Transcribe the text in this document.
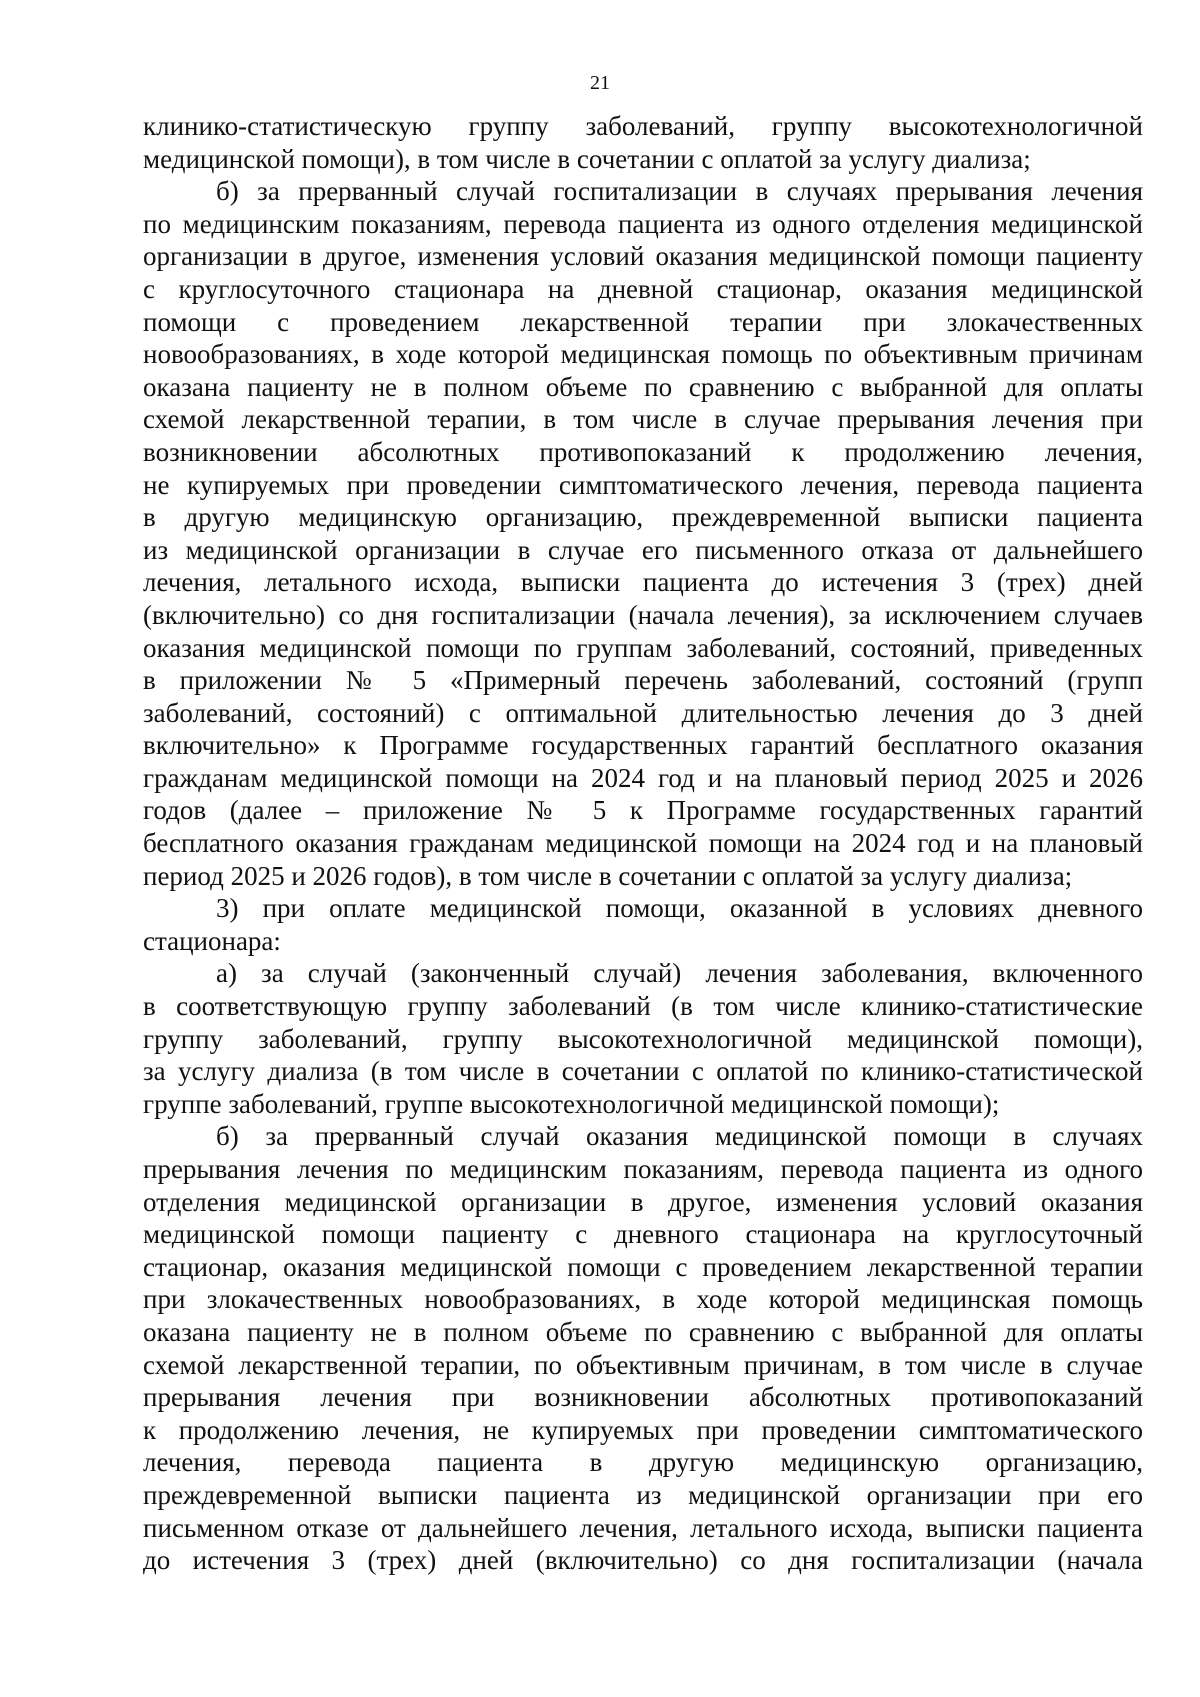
21
клинико-статистическую группу заболеваний, группу высокотехнологичной
медицинской помощи), в том числе в сочетании с оплатой за услугу диализа;
б) за прерванный случай госпитализации в случаях прерывания лечения
по медицинским показаниям, перевода пациента из одного отделения медицинской
организации в другое, изменения условий оказания медицинской помощи пациенту
с круглосуточного стационара на дневной стационар, оказания медицинской
помощи с проведением лекарственной терапии при злокачественных
новообразованиях, в ходе которой медицинская помощь по объективным причинам
оказана пациенту не в полном объеме по сравнению с выбранной для оплаты
схемой лекарственной терапии, в том числе в случае прерывания лечения при
возникновении абсолютных противопоказаний к продолжению лечения,
не купируемых при проведении симптоматического лечения, перевода пациента
в другую медицинскую организацию, преждевременной выписки пациента
из медицинской организации в случае его письменного отказа от дальнейшего
лечения, летального исхода, выписки пациента до истечения 3 (трех) дней
(включительно) со дня госпитализации (начала лечения), за исключением случаев
оказания медицинской помощи по группам заболеваний, состояний, приведенных
в приложении № 5 «Примерный перечень заболеваний, состояний (групп
заболеваний, состояний) с оптимальной длительностью лечения до 3 дней
включительно» к Программе государственных гарантий бесплатного оказания
гражданам медицинской помощи на 2024 год и на плановый период 2025 и 2026
годов (далее – приложение № 5 к Программе государственных гарантий
бесплатного оказания гражданам медицинской помощи на 2024 год и на плановый
период 2025 и 2026 годов), в том числе в сочетании с оплатой за услугу диализа;
3) при оплате медицинской помощи, оказанной в условиях дневного
стационара:
а) за случай (законченный случай) лечения заболевания, включенного
в соответствующую группу заболеваний (в том числе клинико-статистические
группу заболеваний, группу высокотехнологичной медицинской помощи),
за услугу диализа (в том числе в сочетании с оплатой по клинико-статистической
группе заболеваний, группе высокотехнологичной медицинской помощи);
б) за прерванный случай оказания медицинской помощи в случаях
прерывания лечения по медицинским показаниям, перевода пациента из одного
отделения медицинской организации в другое, изменения условий оказания
медицинской помощи пациенту с дневного стационара на круглосуточный
стационар, оказания медицинской помощи с проведением лекарственной терапии
при злокачественных новообразованиях, в ходе которой медицинская помощь
оказана пациенту не в полном объеме по сравнению с выбранной для оплаты
схемой лекарственной терапии, по объективным причинам, в том числе в случае
прерывания лечения при возникновении абсолютных противопоказаний
к продолжению лечения, не купируемых при проведении симптоматического
лечения, перевода пациента в другую медицинскую организацию,
преждевременной выписки пациента из медицинской организации при его
письменном отказе от дальнейшего лечения, летального исхода, выписки пациента
до истечения 3 (трех) дней (включительно) со дня госпитализации (начала
